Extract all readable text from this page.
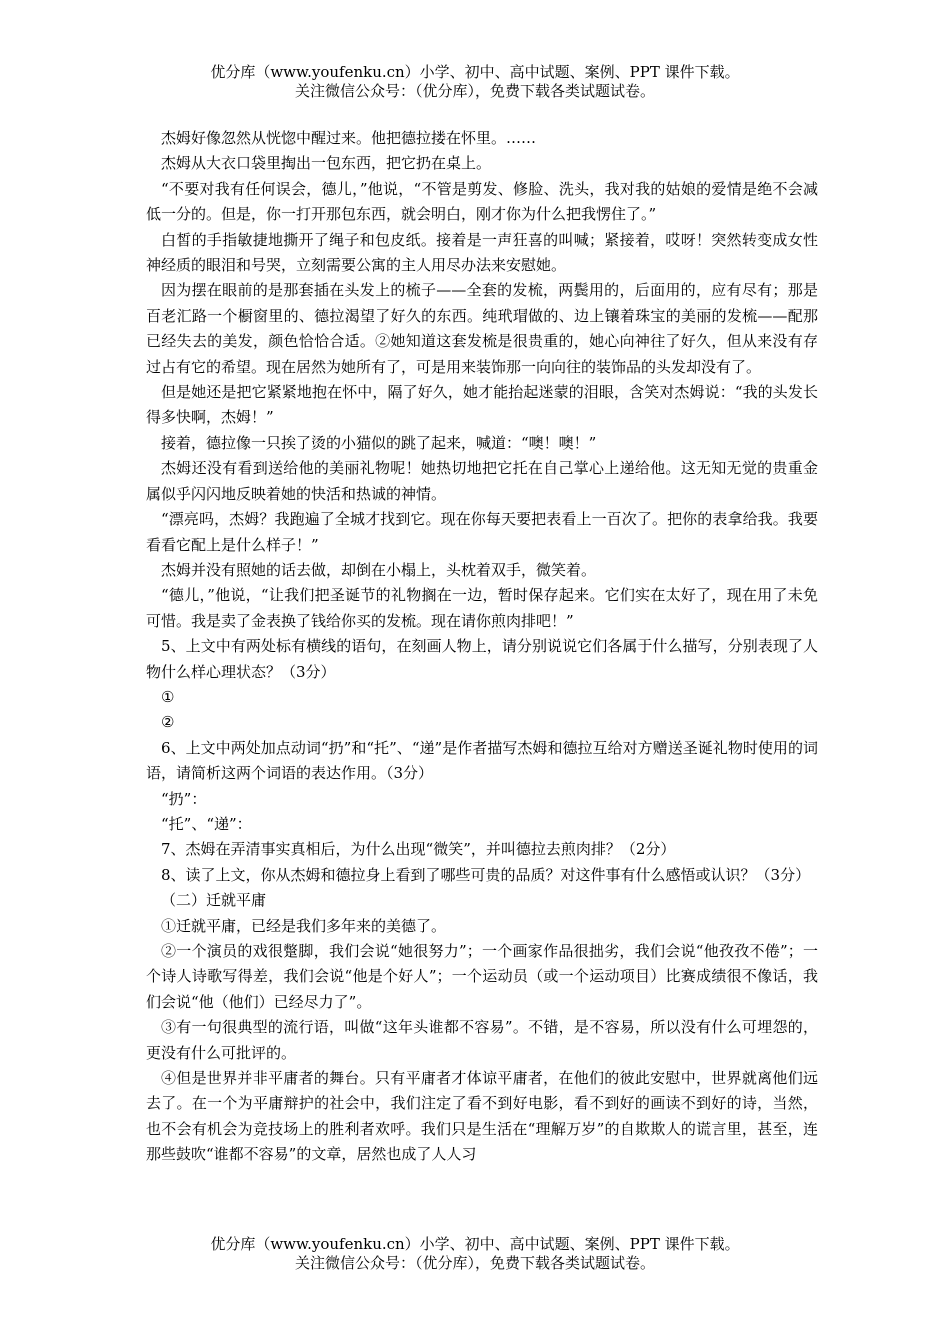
优分库（www.youfenku.cn）小学、初中、高中试题、案例、PPT 课件下载。
关注微信公众号：（优分库），免费下载各类试题试卷。

杰姆好像忽然从恍惚中醒过来。他把德拉搂在怀里。……

杰姆从大衣口袋里掏出一包东西，把它扔在桌上。

“不要对我有任何误会，德儿，”他说，“不管是剪发、修脸、洗头，我对我的姑娘的爱情是绝不会减低一分的。但是，你一打开那包东西，就会明白，刚才你为什么把我愣住了。”

白皙的手指敏捷地撕开了绳子和包皮纸。接着是一声狂喜的叫喊；紧接着，哎呀！突然转变成女性神经质的眼泪和号哭，立刻需要公寓的主人用尽办法来安慰她。

因为摆在眼前的是那套插在头发上的梳子——全套的发梳，两鬓用的，后面用的，应有尽有；那是百老汇路一个橱窗里的、德拉渴望了好久的东西。纯玳瑁做的、边上镶着珠宝的美丽的发梳——配那已经失去的美发，颜色恰恰合适。②她知道这套发梳是很贵重的，她心向神往了好久，但从来没有存过占有它的希望。现在居然为她所有了，可是用来装饰那一向向往的装饰品的头发却没有了。

但是她还是把它紧紧地抱在怀中，隔了好久，她才能抬起迷蒙的泪眼，含笑对杰姆说：“我的头发长得多快啊，杰姆！”

接着，德拉像一只挨了烫的小猫似的跳了起来，喊道：“噢！噢！”

杰姆还没有看到送给他的美丽礼物呢！她热切地把它托在自己掌心上递给他。这无知无觉的贵重金属似乎闪闪地反映着她的快活和热诚的神情。

“漂亮吗，杰姆？我跑遍了全城才找到它。现在你每天要把表看上一百次了。把你的表拿给我。我要看看它配上是什么样子！”

杰姆并没有照她的话去做，却倒在小榻上，头枕着双手，微笑着。

“德儿，”他说，“让我们把圣诞节的礼物搁在一边，暂时保存起来。它们实在太好了，现在用了未免可惜。我是卖了金表换了钱给你买的发梳。现在请你煎肉排吧！”

5、上文中有两处标有横线的语句，在刻画人物上，请分别说说它们各属于什么描写，分别表现了人物什么样心理状态？（3分）

①

②

6、上文中两处加点动词“扔”和“托”、“递”是作者描写杰姆和德拉互给对方赠送圣诞礼物时使用的词语，请简析这两个词语的表达作用。（3分）

“扔”：

“托”、“递”：

7、杰姆在弄清事实真相后，为什么出现“微笑”，并叫德拉去煎肉排？（2分）

8、读了上文，你从杰姆和德拉身上看到了哪些可贵的品质？对这件事有什么感悟或认识？（3分）

（二）迁就平庸

①迁就平庸，已经是我们多年来的美德了。

②一个演员的戏很蹩脚，我们会说“她很努力”；一个画家作品很拙劣，我们会说“他孜孜不倦”；一个诗人诗歌写得差，我们会说“他是个好人”；一个运动员（或一个运动项目）比赛成绩很不像话，我们会说“他（他们）已经尽力了”。

③有一句很典型的流行语，叫做“这年头谁都不容易”。不错，是不容易，所以没有什么可埋怨的，更没有什么可批评的。

④但是世界并非平庸者的舞台。只有平庸者才体谅平庸者，在他们的彼此安慰中，世界就离他们远去了。在一个为平庸辩护的社会中，我们注定了看不到好电影，看不到好的画读不到好的诗，当然，也不会有机会为竞技场上的胜利者欢呼。我们只是生活在“理解万岁”的自欺欺人的谎言里，甚至，连那些鼓吹“谁都不容易”的文章，居然也成了人人习

优分库（www.youfenku.cn）小学、初中、高中试题、案例、PPT 课件下载。
关注微信公众号：（优分库），免费下载各类试题试卷。
